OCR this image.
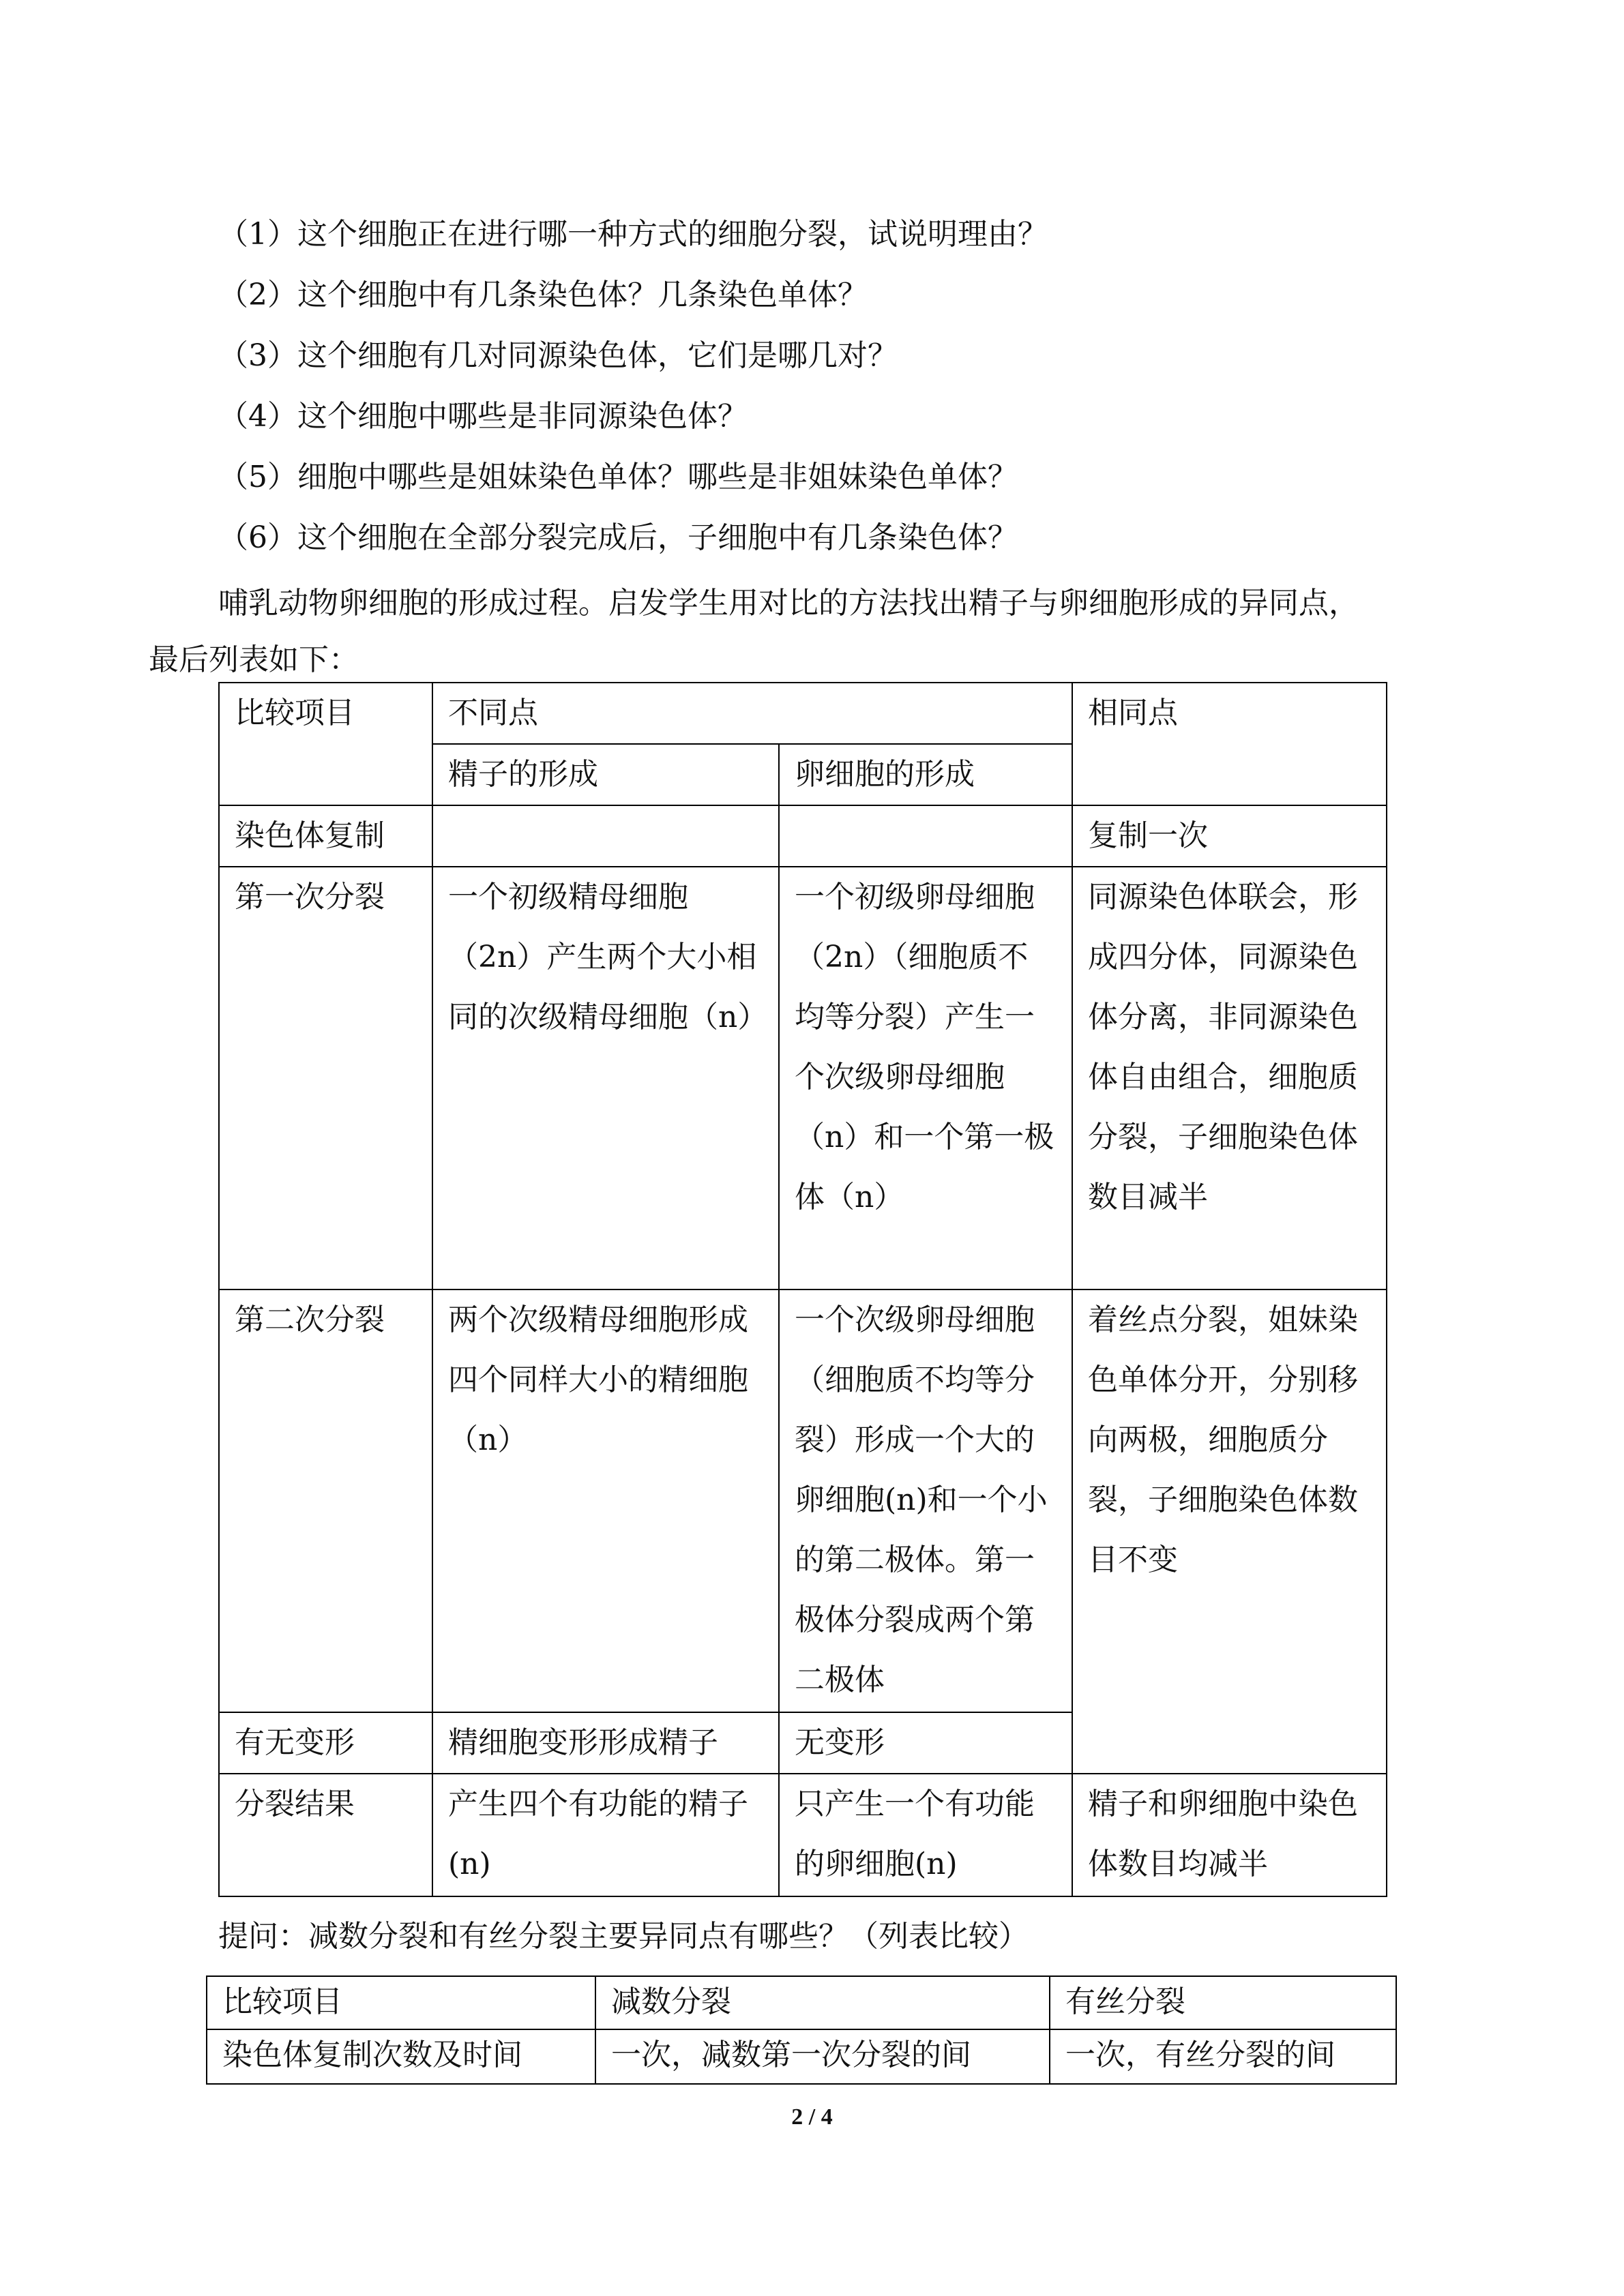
（1）这个细胞正在进行哪一种方式的细胞分裂，试说明理由？
（2）这个细胞中有几条染色体？几条染色单体？
（3）这个细胞有几对同源染色体，它们是哪几对？
（4）这个细胞中哪些是非同源染色体？
（5）细胞中哪些是姐妹染色单体？哪些是非姐妹染色单体？
（6）这个细胞在全部分裂完成后，子细胞中有几条染色体？
哺乳动物卵细胞的形成过程。启发学生用对比的方法找出精子与卵细胞形成的异同点，
最后列表如下：
比较项目	不同点		相同点
	精子的形成	卵细胞的形成	
染色体复制			复制一次
第一次分裂	一个初级精母细胞（2n）产生两个大小相同的次级精母细胞（n）	一个初级卵母细胞（2n）（细胞质不均等分裂）产生一个次级卵母细胞（n）和一个第一极体（n）	同源染色体联会，形成四分体，同源染色体分离，非同源染色体自由组合，细胞质分裂，子细胞染色体数目减半
第二次分裂	两个次级精母细胞形成四个同样大小的精细胞（n）	一个次级卵母细胞（细胞质不均等分裂）形成一个大的卵细胞(n)和一个小的第二极体。第一极体分裂成两个第二极体	着丝点分裂，姐妹染色单体分开，分别移向两极，细胞质分裂，子细胞染色体数目不变
有无变形	精细胞变形形成精子	无变形	
分裂结果	产生四个有功能的精子(n)	只产生一个有功能的卵细胞(n)	精子和卵细胞中染色体数目均减半
提问：减数分裂和有丝分裂主要异同点有哪些？（列表比较）
比较项目	减数分裂	有丝分裂
染色体复制次数及时间	一次，减数第一次分裂的间	一次，有丝分裂的间
2 / 4
